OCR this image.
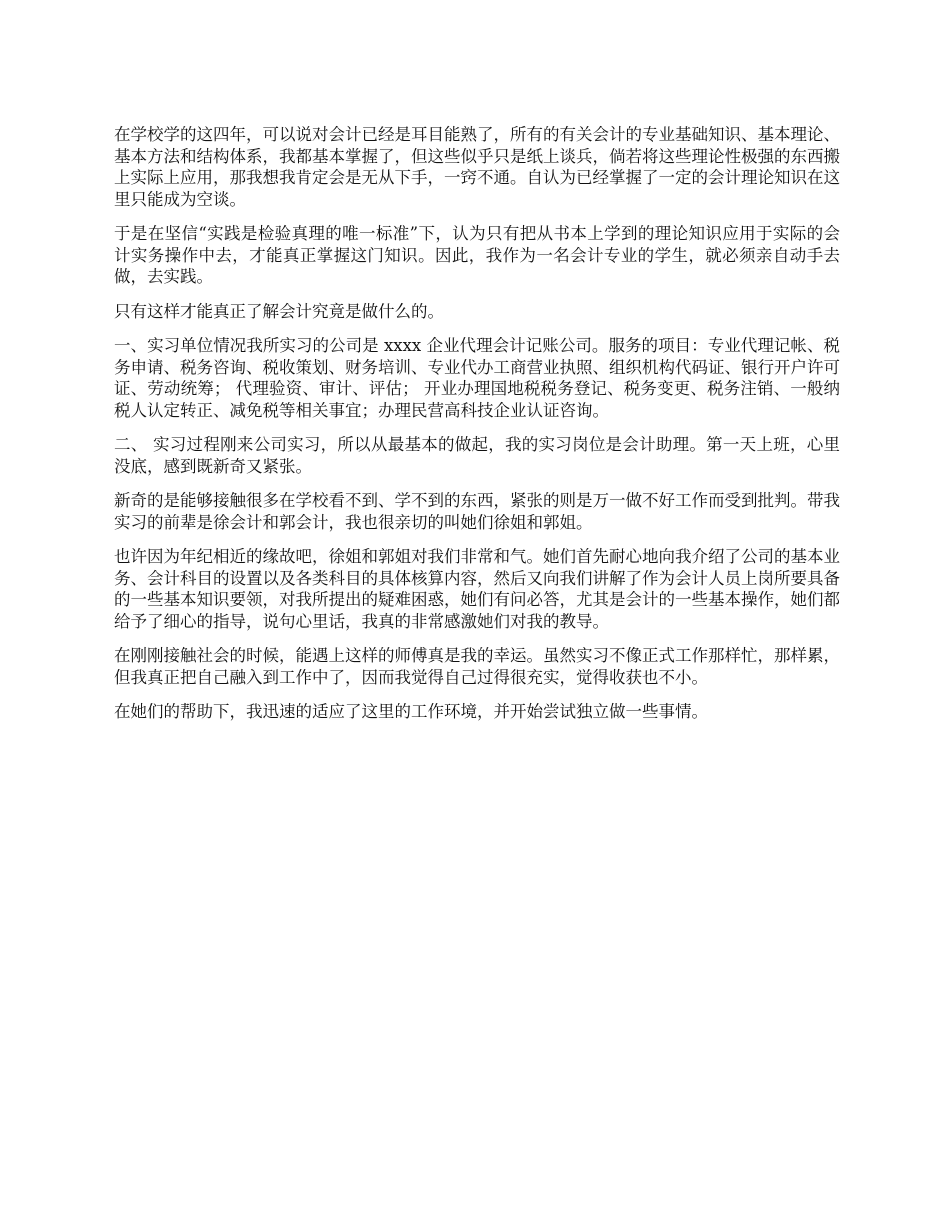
在学校学的这四年，可以说对会计已经是耳目能熟了，所有的有关会计的专业基础知识、基本理论、基本方法和结构体系，我都基本掌握了，但这些似乎只是纸上谈兵，倘若将这些理论性极强的东西搬上实际上应用，那我想我肯定会是无从下手，一窍不通。自认为已经掌握了一定的会计理论知识在这里只能成为空谈。

于是在坚信“实践是检验真理的唯一标准”下，认为只有把从书本上学到的理论知识应用于实际的会计实务操作中去，才能真正掌握这门知识。因此，我作为一名会计专业的学生，就必须亲自动手去做，去实践。

只有这样才能真正了解会计究竟是做什么的。

一、实习单位情况我所实习的公司是 xxxx 企业代理会计记账公司。服务的项目：专业代理记帐、税务申请、税务咨询、税收策划、财务培训、专业代办工商营业执照、组织机构代码证、银行开户许可证、劳动统筹； 代理验资、审计、评估； 开业办理国地税税务登记、税务变更、税务注销、一般纳税人认定转正、减免税等相关事宜；办理民营高科技企业认证咨询。

二、 实习过程刚来公司实习，所以从最基本的做起，我的实习岗位是会计助理。第一天上班，心里没底，感到既新奇又紧张。

新奇的是能够接触很多在学校看不到、学不到的东西，紧张的则是万一做不好工作而受到批判。带我实习的前辈是徐会计和郭会计，我也很亲切的叫她们徐姐和郭姐。

也许因为年纪相近的缘故吧，徐姐和郭姐对我们非常和气。她们首先耐心地向我介绍了公司的基本业务、会计科目的设置以及各类科目的具体核算内容，然后又向我们讲解了作为会计人员上岗所要具备的一些基本知识要领，对我所提出的疑难困惑，她们有问必答，尤其是会计的一些基本操作，她们都给予了细心的指导，说句心里话，我真的非常感激她们对我的教导。

在刚刚接触社会的时候，能遇上这样的师傅真是我的幸运。虽然实习不像正式工作那样忙，那样累，但我真正把自己融入到工作中了，因而我觉得自己过得很充实，觉得收获也不小。

在她们的帮助下，我迅速的适应了这里的工作环境，并开始尝试独立做一些事情。
